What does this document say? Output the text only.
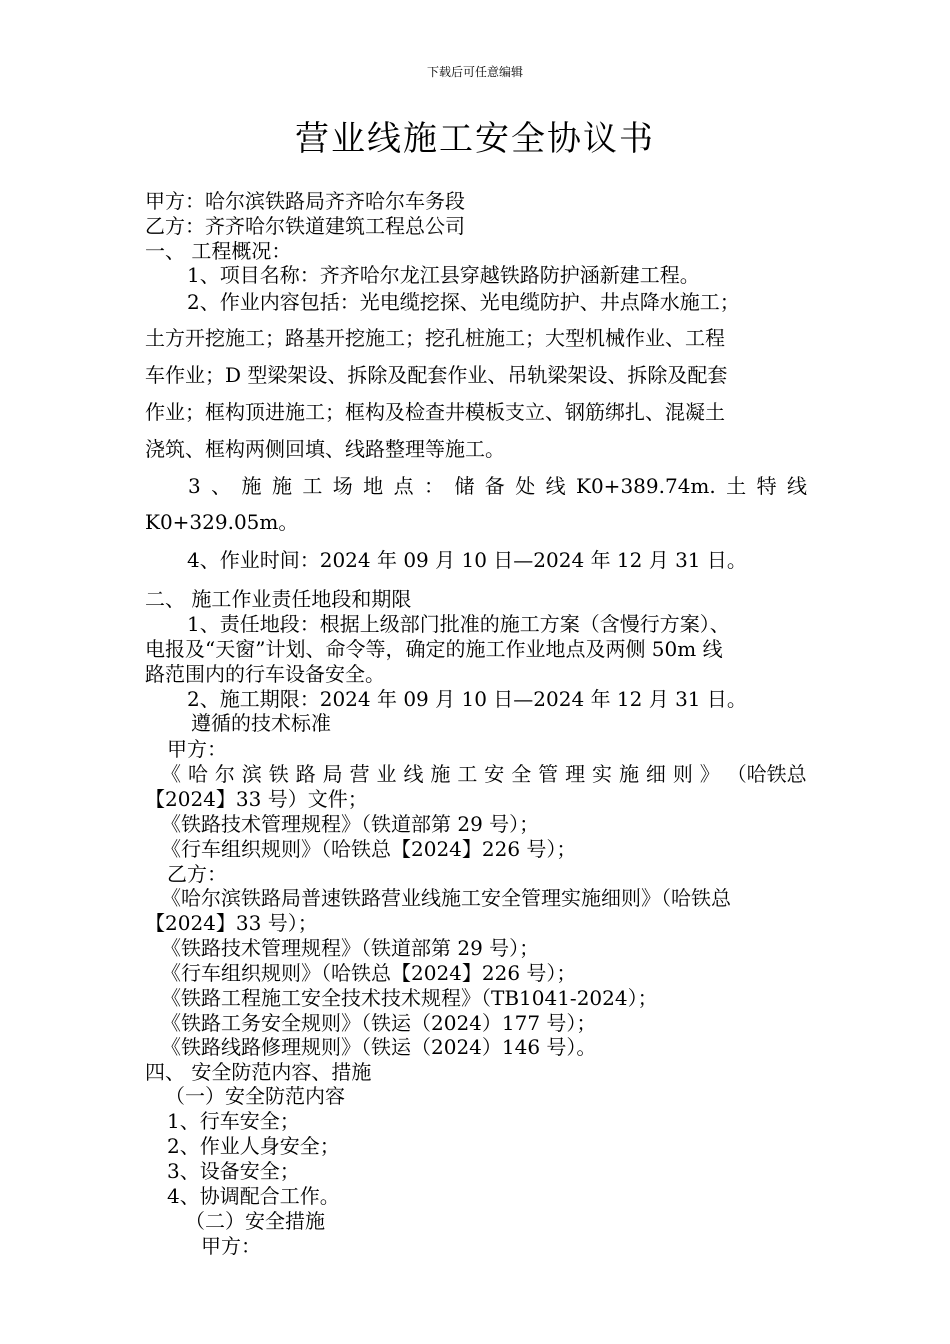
下载后可任意编辑
营业线施工安全协议书
甲方：哈尔滨铁路局齐齐哈尔车务段
乙方：齐齐哈尔铁道建筑工程总公司
一、 工程概况：
1、项目名称：齐齐哈尔龙江县穿越铁路防护涵新建工程。
2、作业内容包括：光电缆挖探、光电缆防护、井点降水施工；
土方开挖施工；路基开挖施工；挖孔桩施工；大型机械作业、工程
车作业；D 型梁架设、拆除及配套作业、吊轨梁架设、拆除及配套
作业；框构顶进施工；框构及检查井模板支立、钢筋绑扎、混凝土
浇筑、框构两侧回填、线路整理等施工。
3 、 施 施 工 场 地 点 ： 储 备 处 线 K0+389.74m. 土 特 线
K0+329.05m。
4、作业时间：2024 年 09 月 10 日—2024 年 12 月 31 日。
二、 施工作业责任地段和期限
1、责任地段：根据上级部门批准的施工方案（含慢行方案）、
电报及“天窗”计划、命令等，确定的施工作业地点及两侧 50m 线
路范围内的行车设备安全。
2、施工期限：2024 年 09 月 10 日—2024 年 12 月 31 日。
遵循的技术标准
甲方：
《 哈 尔 滨 铁 路 局 营 业 线 施 工 安 全 管 理 实 施 细 则 》 （哈铁总
【2024】33 号）文件；
《铁路技术管理规程》（铁道部第 29 号）；
《行车组织规则》（哈铁总【2024】226 号）；
乙方：
《哈尔滨铁路局普速铁路营业线施工安全管理实施细则》（哈铁总
【2024】33 号）；
《铁路技术管理规程》（铁道部第 29 号）；
《行车组织规则》（哈铁总【2024】226 号）；
《铁路工程施工安全技术技术规程》（TB1041-2024）；
《铁路工务安全规则》（铁运（2024）177 号）；
《铁路线路修理规则》（铁运（2024）146 号）。
四、 安全防范内容、措施
（一）安全防范内容
1、行车安全；
2、作业人身安全；
3、设备安全；
4、协调配合工作。
（二）安全措施
甲方：
